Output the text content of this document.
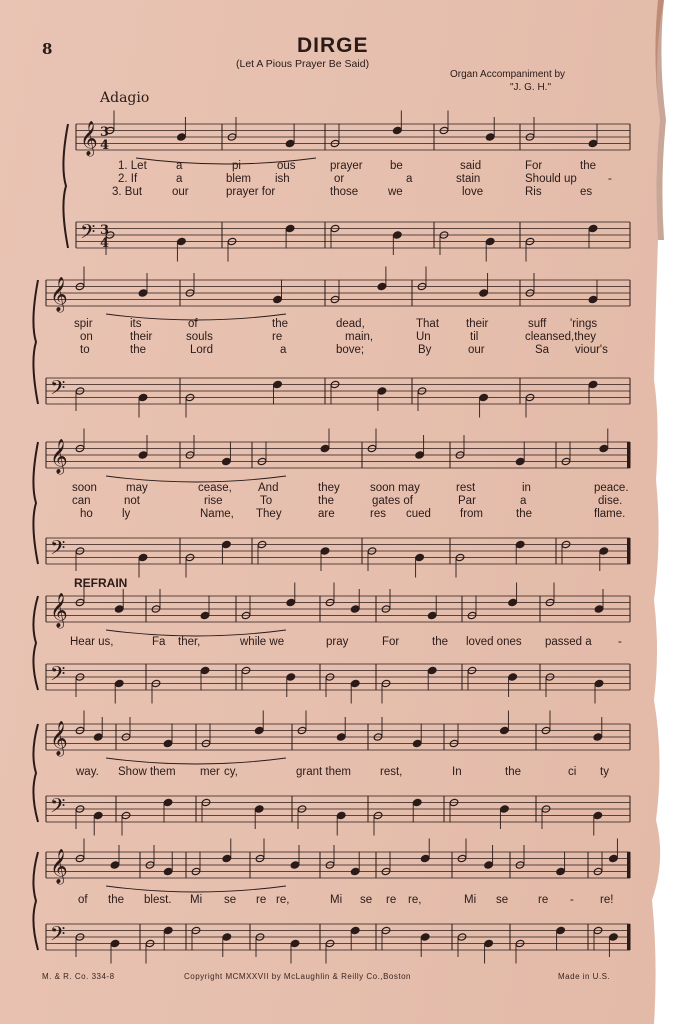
8	DIRGE
(Let A Pious Prayer Be Said)
Organ Accompaniment by
"J. G. H."
Adagio
REFRAIN
𝄞
𝄢
3
4
3
4
𝄞
𝄢
𝄞
𝄢
𝄞
𝄢
𝄞
𝄢
𝄞
𝄢
1. Let	a	pi	ous	prayer be	said	For	the
2. If	a	blem ish	or	a	stain	Should up	-
3. But	our	prayer for	those	we	love	Ris	es
spir	its	of	the	dead,	That their	suff 'rings
on	their	souls	re	main,	Un	til	cleansed,they
to	the	Lord	a	bove;	By	our	Sa viour's
soon	may	cease, And	they	soon may	rest	in	peace.
can	not	rise	To	the	gates of	Par	a	dise.
ho	ly	Name, They	are	res cued	from	the	flame.
Hear us,	Fa ther,	while we	pray	For	the loved ones passed a -
way. Show them mer cy,	grant them	rest,	In	the	ci ty
of the blest. Mi se re re,	Mi se re re,	Mi se	re - re!
M. & R. Co. 334-8	Copyright MCMXXVII by McLaughlin & Reilly Co.,Boston	Made in U.S.
